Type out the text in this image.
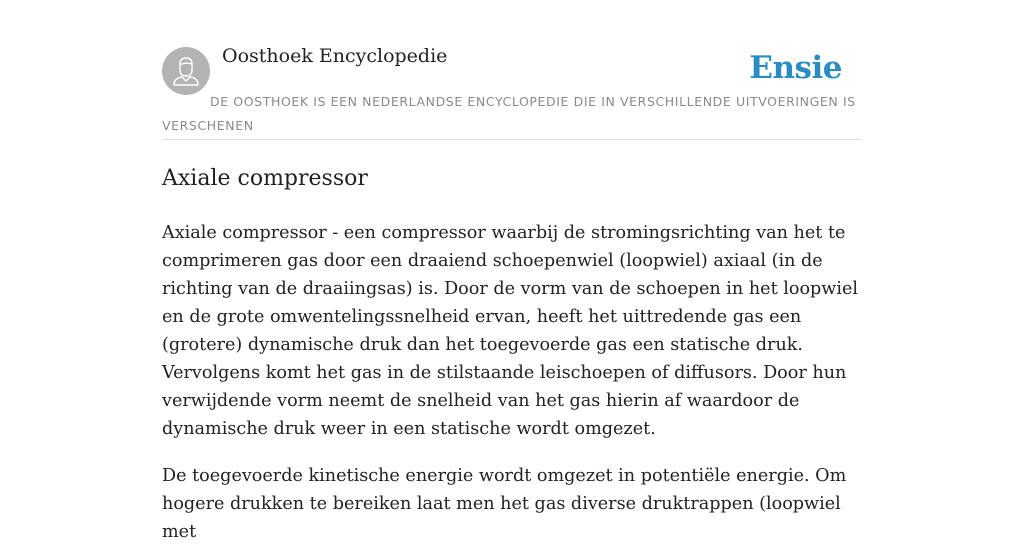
Oosthoek Encyclopedie	Ensie
DE OOSTHOEK IS EEN NEDERLANDSE ENCYCLOPEDIE DIE IN VERSCHILLENDE UITVOERINGEN IS VERSCHENEN
Axiale compressor

Axiale compressor - een compressor waarbij de stromingsrichting van het te comprimeren gas door een draaiend schoepenwiel (loopwiel) axiaal (in de richting van de draaiingsas) is. Door de vorm van de schoepen in het loopwiel en de grote omwentelingssnelheid ervan, heeft het uittredende gas een (grotere) dynamische druk dan het toegevoerde gas een statische druk. Vervolgens komt het gas in de stilstaande leischoepen of diffusors. Door hun verwijdende vorm neemt de snelheid van het gas hierin af waardoor de dynamische druk weer in een statische wordt omgezet.

De toegevoerde kinetische energie wordt omgezet in potentiële energie. Om hogere drukken te bereiken laat men het gas diverse druktrappen (loopwiel met
